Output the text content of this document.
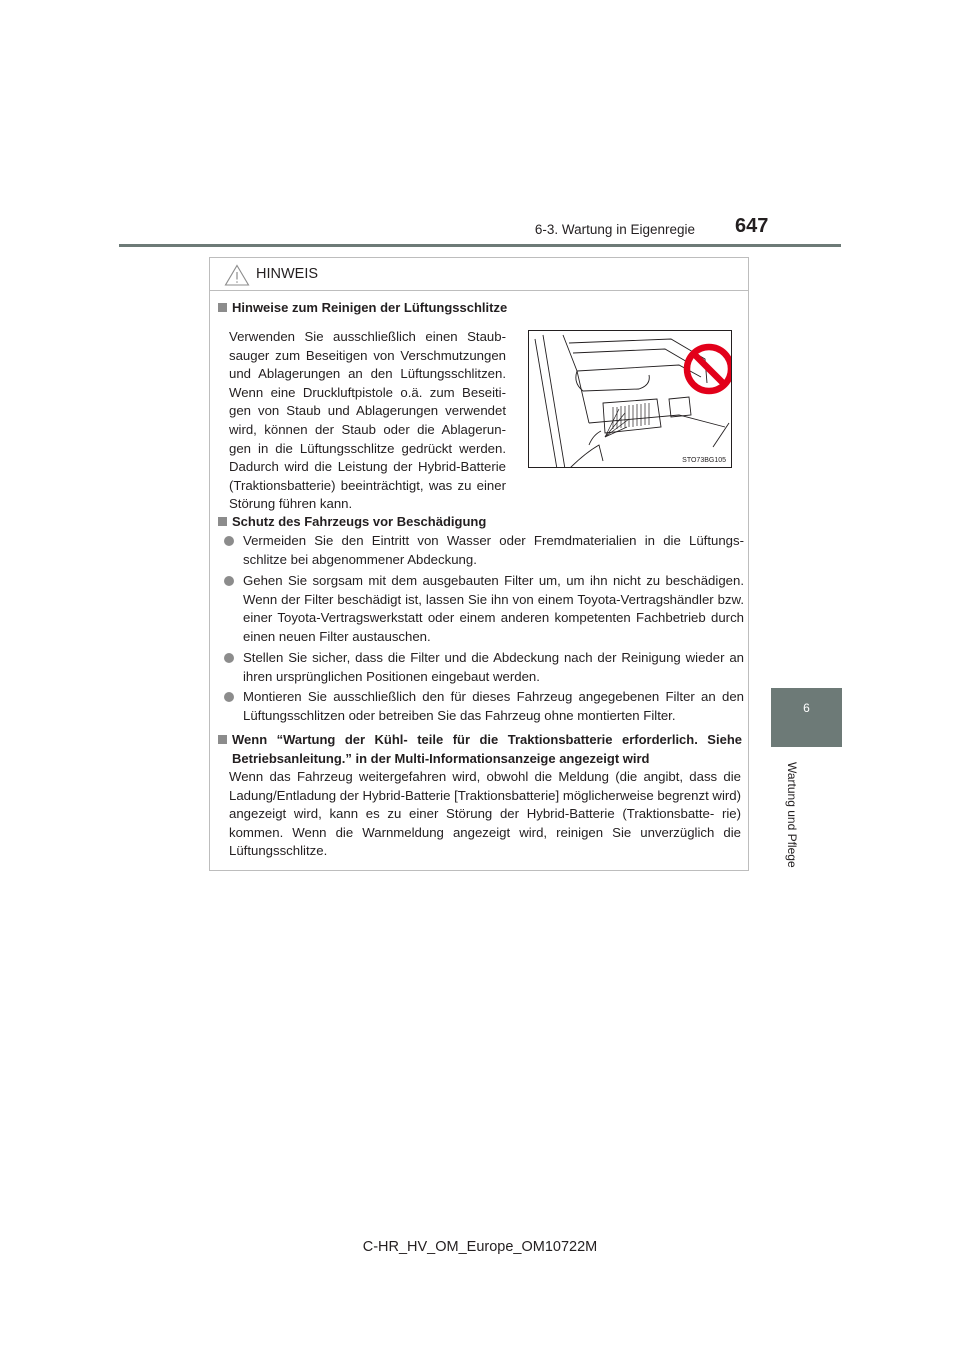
6-3. Wartung in Eigenregie 647
6
Wartung und Pflege
HINWEIS
Hinweise zum Reinigen der Lüftungsschlitze
Verwenden Sie ausschließlich einen Staub- sauger zum Beseitigen von Verschmutzungen und Ablagerungen an den Lüftungsschlitzen. Wenn eine Druckluftpistole o.ä. zum Beseiti- gen von Staub und Ablagerungen verwendet wird, können der Staub oder die Ablagerun- gen in die Lüftungsschlitze gedrückt werden. Dadurch wird die Leistung der Hybrid-Batterie (Traktionsbatterie) beeinträchtigt, was zu einer Störung führen kann.
STO73BG105
Schutz des Fahrzeugs vor Beschädigung
Vermeiden Sie den Eintritt von Wasser oder Fremdmaterialien in die Lüftungs- schlitze bei abgenommener Abdeckung.
Gehen Sie sorgsam mit dem ausgebauten Filter um, um ihn nicht zu beschädigen. Wenn der Filter beschädigt ist, lassen Sie ihn von einem Toyota-Vertragshändler bzw. einer Toyota-Vertragswerkstatt oder einem anderen kompetenten Fachbetrieb durch einen neuen Filter austauschen.
Stellen Sie sicher, dass die Filter und die Abdeckung nach der Reinigung wieder an ihren ursprünglichen Positionen eingebaut werden.
Montieren Sie ausschließlich den für dieses Fahrzeug angegebenen Filter an den Lüftungsschlitzen oder betreiben Sie das Fahrzeug ohne montierten Filter.
Wenn “Wartung der Kühl- teile für die Traktionsbatterie erforderlich. Siehe Betriebsanleitung.” in der Multi-Informationsanzeige angezeigt wird
Wenn das Fahrzeug weitergefahren wird, obwohl die Meldung (die angibt, dass die Ladung/Entladung der Hybrid-Batterie [Traktionsbatterie] möglicherweise begrenzt wird) angezeigt wird, kann es zu einer Störung der Hybrid-Batterie (Traktionsbatte- rie) kommen. Wenn die Warnmeldung angezeigt wird, reinigen Sie unverzüglich die Lüftungsschlitze.
C-HR_HV_OM_Europe_OM10722M
